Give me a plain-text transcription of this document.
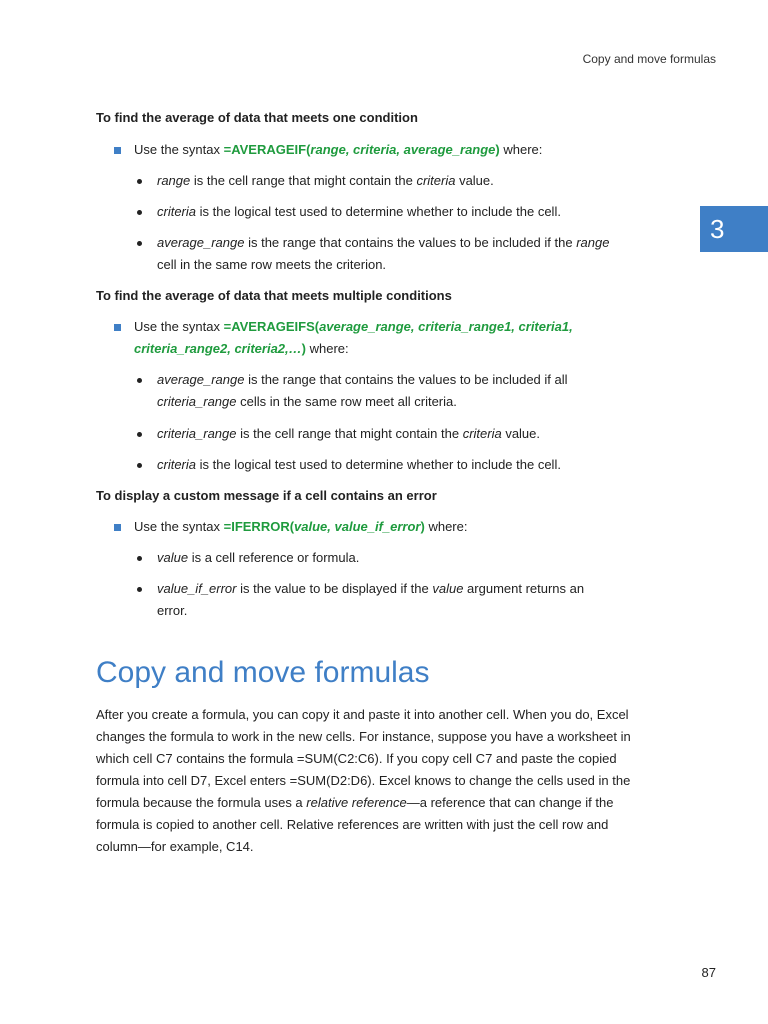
Copy and move formulas
3
To find the average of data that meets one condition
Use the syntax =AVERAGEIF(range, criteria, average_range) where:
range is the cell range that might contain the criteria value.
criteria is the logical test used to determine whether to include the cell.
average_range is the range that contains the values to be included if the range cell in the same row meets the criterion.
To find the average of data that meets multiple conditions
Use the syntax =AVERAGEIFS(average_range, criteria_range1, criteria1, criteria_range2, criteria2,…) where:
average_range is the range that contains the values to be included if all criteria_range cells in the same row meet all criteria.
criteria_range is the cell range that might contain the criteria value.
criteria is the logical test used to determine whether to include the cell.
To display a custom message if a cell contains an error
Use the syntax =IFERROR(value, value_if_error) where:
value is a cell reference or formula.
value_if_error is the value to be displayed if the value argument returns an error.
Copy and move formulas

After you create a formula, you can copy it and paste it into another cell. When you do, Excel changes the formula to work in the new cells. For instance, suppose you have a worksheet in which cell C7 contains the formula =SUM(C2:C6). If you copy cell C7 and paste the copied formula into cell D7, Excel enters =SUM(D2:D6). Excel knows to change the cells used in the formula because the formula uses a relative reference—a reference that can change if the formula is copied to another cell. Relative references are written with just the cell row and column—for example, C14.

87
